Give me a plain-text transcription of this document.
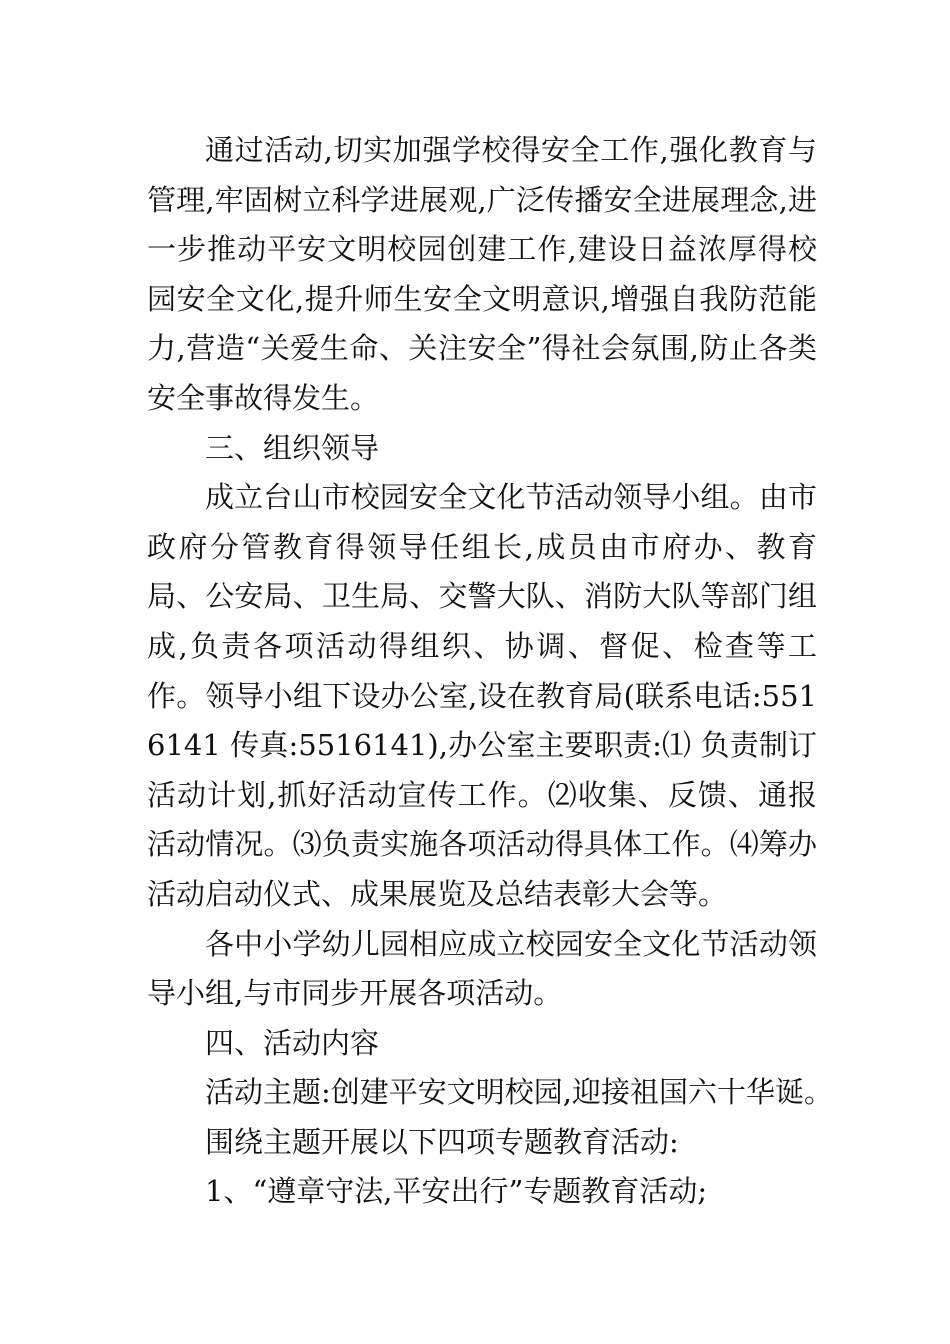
通过活动,切实加强学校得安全工作,强化教育与管理,牢固树立科学进展观,广泛传播安全进展理念,进一步推动平安文明校园创建工作,建设日益浓厚得校园安全文化,提升师生安全文明意识,增强自我防范能力,营造“关爱生命、关注安全”得社会氛围,防止各类安全事故得发生。

三、组织领导

成立台山市校园安全文化节活动领导小组。由市政府分管教育得领导任组长,成员由市府办、教育局、公安局、卫生局、交警大队、消防大队等部门组成,负责各项活动得组织、协调、督促、检查等工作。领导小组下设办公室,设在教育局(联系电话:5516141 传真:5516141),办公室主要职责:⑴ 负责制订活动计划,抓好活动宣传工作。⑵收集、反馈、通报活动情况。⑶负责实施各项活动得具体工作。⑷筹办活动启动仪式、成果展览及总结表彰大会等。

各中小学幼儿园相应成立校园安全文化节活动领导小组,与市同步开展各项活动。

四、活动内容

活动主题:创建平安文明校园,迎接祖国六十华诞。

围绕主题开展以下四项专题教育活动:

1、“遵章守法,平安出行”专题教育活动;
